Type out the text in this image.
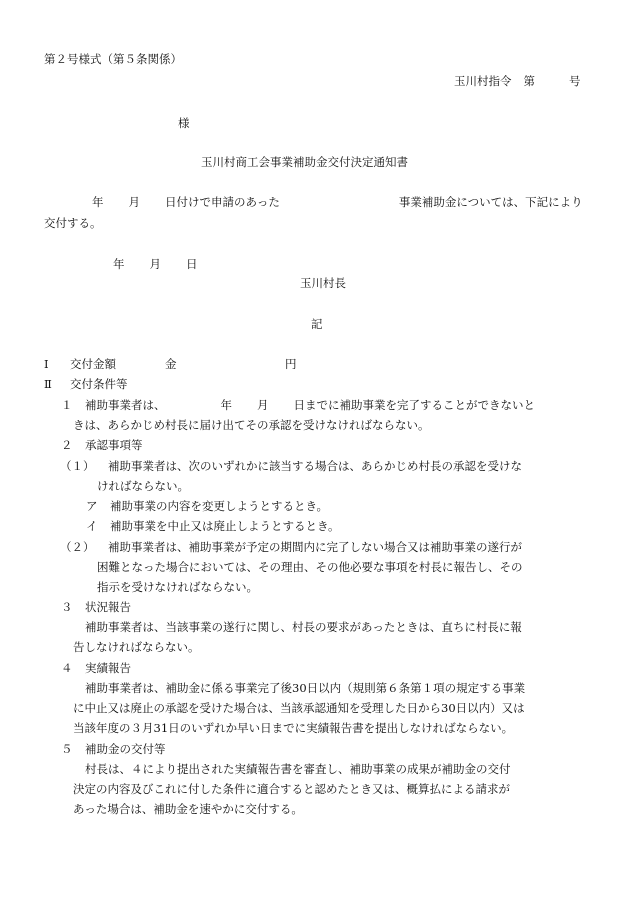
第２号様式（第５条関係）
玉川村指令 第	号
様
玉川村商工会事業補助金交付決定通知書
年 月 日付けで申請のあった	事業補助金については、下記により
交付する。
年 月 日
玉川村長
記
Ⅰ 交付金額	金	円
Ⅱ 交付条件等
１ 補助事業者は、	年 月 日までに補助事業を完了することができないと
きは、あらかじめ村長に届け出てその承認を受けなければならない。
２ 承認事項等
（１） 補助事業者は、次のいずれかに該当する場合は、あらかじめ村長の承認を受けな
ければならない。
ア 補助事業の内容を変更しようとするとき。
イ 補助事業を中止又は廃止しようとするとき。
（２） 補助事業者は、補助事業が予定の期間内に完了しない場合又は補助事業の遂行が
困難となった場合においては、その理由、その他必要な事項を村長に報告し、その
指示を受けなければならない。
３ 状況報告
補助事業者は、当該事業の遂行に関し、村長の要求があったときは、直ちに村長に報
告しなければならない。
４ 実績報告
補助事業者は、補助金に係る事業完了後30日以内（規則第６条第１項の規定する事業
に中止又は廃止の承認を受けた場合は、当該承認通知を受理した日から30日以内）又は
当該年度の３月31日のいずれか早い日までに実績報告書を提出しなければならない。
５ 補助金の交付等
村長は、４により提出された実績報告書を審査し、補助事業の成果が補助金の交付
決定の内容及びこれに付した条件に適合すると認めたとき又は、概算払による請求が
あった場合は、補助金を速やかに交付する。
